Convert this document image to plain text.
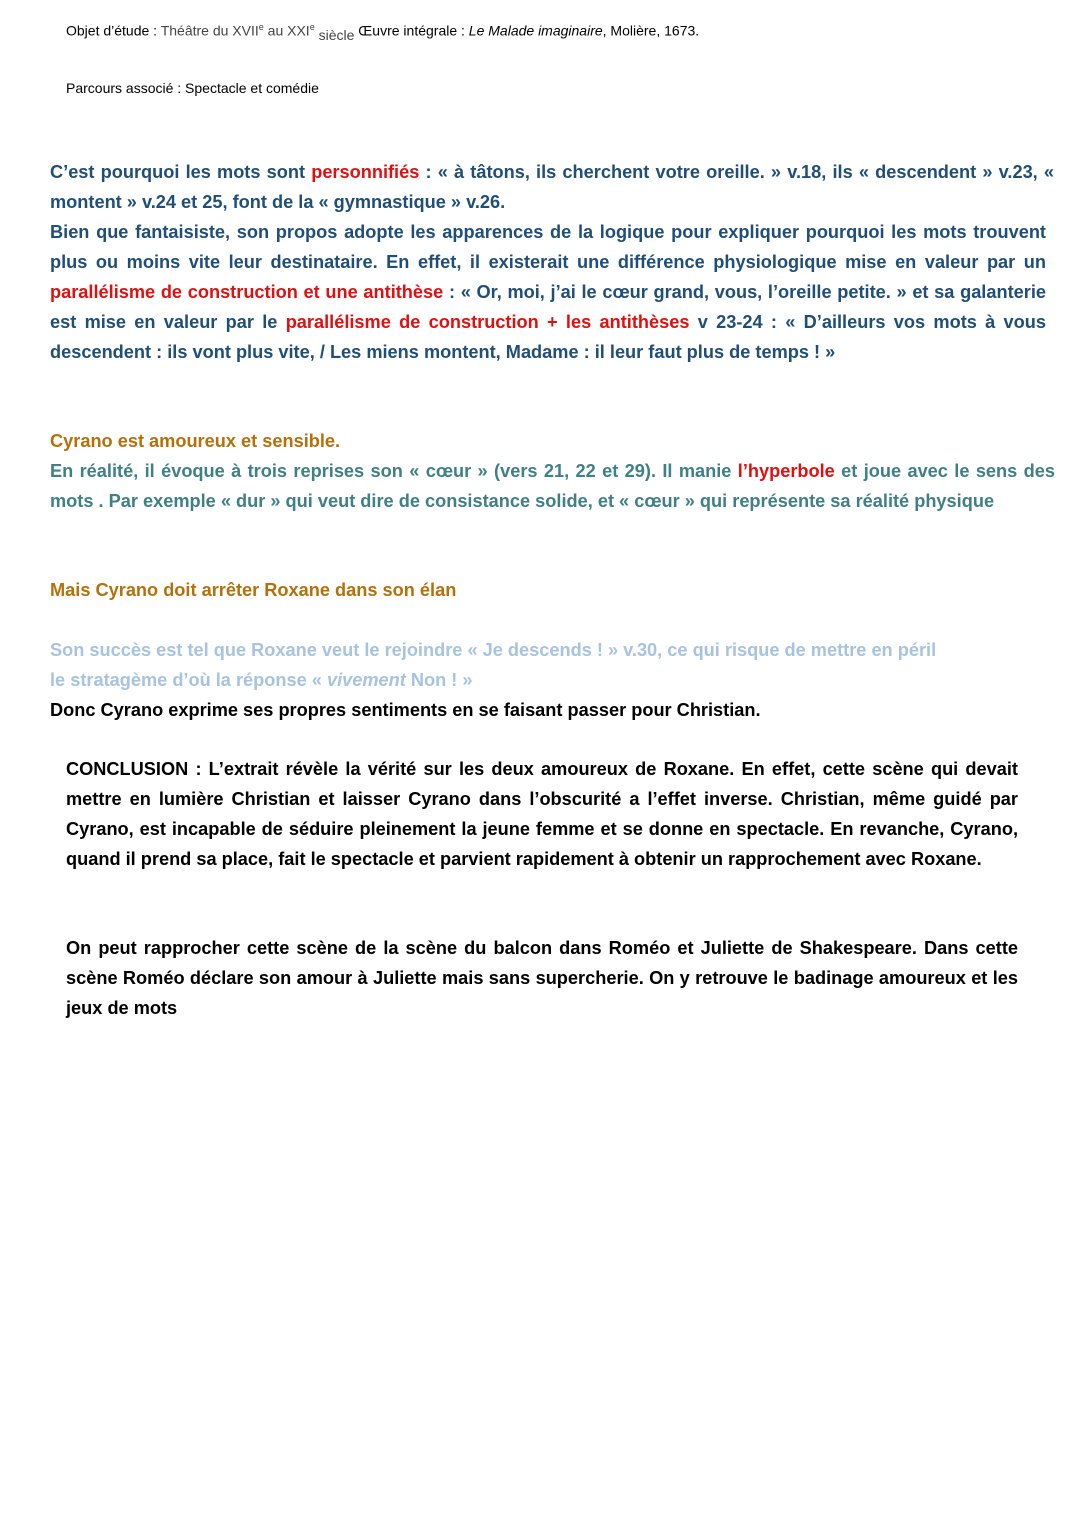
Objet d’étude : Théâtre du XVIIe au XXIe siècle Œuvre intégrale : Le Malade imaginaire, Molière, 1673.
Parcours associé : Spectacle et comédie

C’est pourquoi les mots sont personnifiés : « à tâtons, ils cherchent votre oreille. » v.18, ils « descendent » v.23, « montent » v.24 et 25, font de la « gymnastique » v.26.

Bien que fantaisiste, son propos adopte les apparences de la logique pour expliquer pourquoi les mots trouvent plus ou moins vite leur destinataire. En effet, il existerait une différence physiologique mise en valeur par un parallélisme de construction et une antithèse : « Or, moi, j’ai le cœur grand, vous, l’oreille petite. » et sa galanterie est mise en valeur par le parallélisme de construction + les antithèses v 23-24 : « D’ailleurs vos mots à vous descendent : ils vont plus vite, / Les miens montent, Madame : il leur faut plus de temps ! »

Cyrano est amoureux et sensible.

En réalité, il évoque à trois reprises son « cœur » (vers 21, 22 et 29). Il manie l’hyperbole et joue avec le sens des mots . Par exemple « dur » qui veut dire de consistance solide, et « cœur » qui représente sa réalité physique

Mais Cyrano doit arrêter Roxane dans son élan
Son succès est tel que Roxane veut le rejoindre « Je descends ! » v.30, ce qui risque de mettre en péril
le stratagème d’où la réponse « vivement Non ! »
Donc Cyrano exprime ses propres sentiments en se faisant passer pour Christian.
CONCLUSION : L’extrait révèle la vérité sur les deux amoureux de Roxane. En effet, cette scène qui devait mettre en lumière Christian et laisser Cyrano dans l’obscurité a l’effet inverse. Christian, même guidé par Cyrano, est incapable de séduire pleinement la jeune femme et se donne en spectacle. En revanche, Cyrano, quand il prend sa place, fait le spectacle et parvient rapidement à obtenir un rapprochement avec Roxane.
On peut rapprocher cette scène de la scène du balcon dans Roméo et Juliette de Shakespeare. Dans cette scène Roméo déclare son amour à Juliette mais sans supercherie. On y retrouve le badinage amoureux et les jeux de mots
